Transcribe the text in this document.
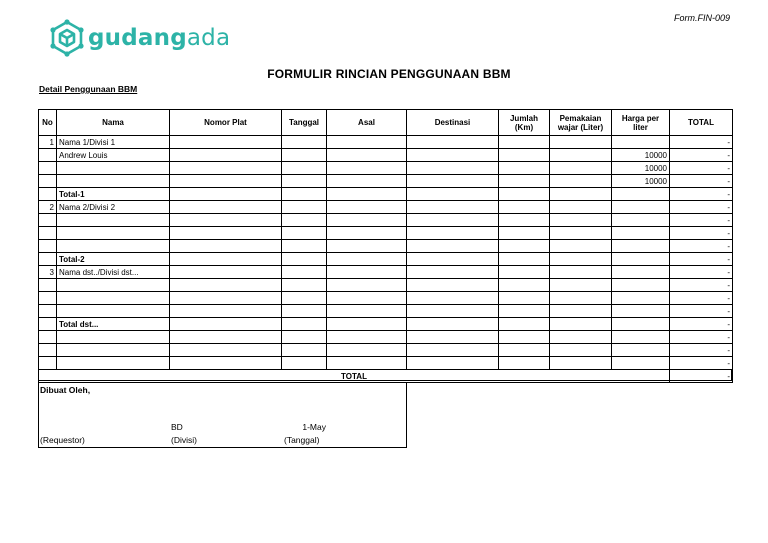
Form.FIN-009
gudangada
FORMULIR RINCIAN PENGGUNAAN BBM
Detail Penggunaan BBM
No	Nama	Nomor Plat	Tanggal	Asal	Destinasi	Jumlah (Km)	Pemakaian wajar (Liter)	Harga per liter	TOTAL
1	Nama 1/Divisi 1								-
	Andrew Louis							10000	-
								10000	-
								10000	-
	Total-1								-
2	Nama 2/Divisi 2								-
									-
									-
									-
	Total-2								-
3	Nama dst../Divisi dst...								-
									-
									-
									-
	Total dst...								-
									-
									-
									-
TOTAL									-
Dibuat Oleh,
BD	1-May
(Requestor)	(Divisi)	(Tanggal)
